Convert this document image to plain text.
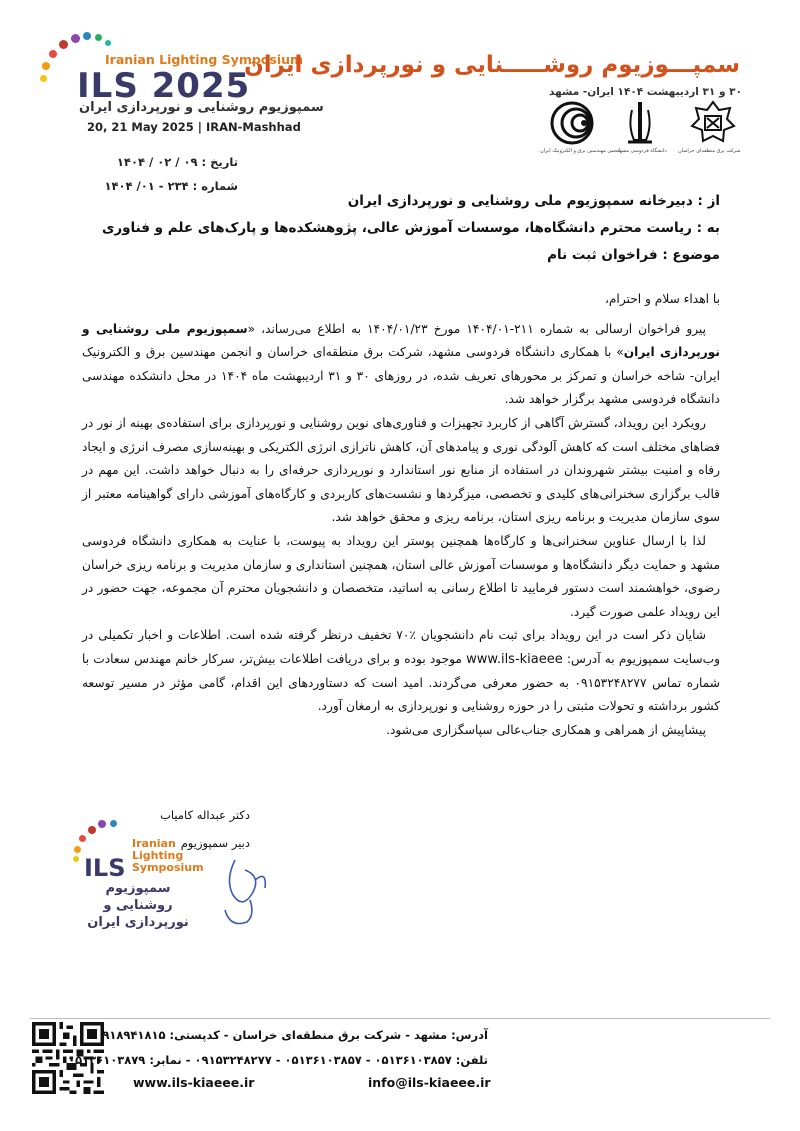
Iranian Lighting Symposium
ILS 2025
سمپوزیوم روشنایی و نورپردازی ایران
20, 21 May 2025 | IRAN-Mashhad
سمپـــوزیوم روشـــــنایی و نورپردازی ایران
۳۰ و ۳۱ اردیبهشت ۱۴۰۴ ایران- مشهد
انجمن مهندسین برق و الکترونیک ایران
دانشگاه فردوسی مشهد شرکت برق منطقه‌ای خراسان
تاریخ : ۰۹ / ۰۲ / ۱۴۰۴
شماره : ۲۳۴ - ۰۱/ ۱۴۰۴
از : دبیرخانه سمپوزیوم ملی روشنایی و نورپردازی ایران
به : ریاست محترم دانشگاه‌ها، موسسات آموزش عالی، پژوهشکده‌ها و پارک‌های علم و فناوری
موضوع : فراخوان ثبت نام

با اهداء سلام و احترام،

پیرو فراخوان ارسالی به شماره ۲۱۱-۱۴۰۴/۰۱ مورخ ۱۴۰۴/۰۱/۲۳ به اطلاع می‌رساند، «سمپوزیوم ملی روشنایی و نورپردازی ایران» با همکاری دانشگاه فردوسی مشهد، شرکت برق منطقه‌ای خراسان و انجمن مهندسین برق و الکترونیک ایران- شاخه خراسان و تمرکز بر محورهای تعریف شده، در روزهای ۳۰ و ۳۱ اردیبهشت ماه ۱۴۰۴ در محل دانشکده مهندسی دانشگاه فردوسی مشهد برگزار خواهد شد.

رویکرد این رویداد، گسترش آگاهی از کاربرد تجهیزات و فناوری‌های نوین روشنایی و نورپردازی برای استفاده‌ی بهینه از نور در فضاهای مختلف است که کاهش آلودگی نوری و پیامدهای آن، کاهش ناترازی انرژی الکتریکی و بهینه‌سازی مصرف انرژی و ایجاد رفاه و امنیت بیشتر شهروندان در استفاده از منابع نور استاندارد و نورپردازی حرفه‌ای را به دنبال خواهد داشت. این مهم در قالب برگزاری سخنرانی‌های کلیدی و تخصصی، میزگردها و نشست‌های کاربردی و کارگاه‌های آموزشی دارای گواهینامه معتبر از سوی سازمان مدیریت و برنامه ریزی استان، برنامه ریزی و محقق خواهد شد.

لذا با ارسال عناوین سخنرانی‌ها و کارگاه‌ها همچنین پوستر این رویداد به پیوست، با عنایت به همکاری دانشگاه فردوسی مشهد و حمایت دیگر دانشگاه‌ها و موسسات آموزش عالی استان، همچنین استانداری و سازمان مدیریت و برنامه ریزی خراسان رضوی، خواهشمند است دستور فرمایید تا اطلاع رسانی به اساتید، متخصصان و دانشجویان محترم آن مجموعه، جهت حضور در این رویداد علمی صورت گیرد.

شایان ذکر است در این رویداد برای ثبت نام دانشجویان ٪۷۰ تخفیف درنظر گرفته شده است. اطلاعات و اخبار تکمیلی در وب‌سایت سمپوزیوم به آدرس: www.ils-kiaeee موجود بوده و برای دریافت اطلاعات بیش‌تر، سرکار خانم مهندس سعادت با شماره تماس ۰۹۱۵۳۲۴۸۲۷۷ به حضور معرفی می‌گردند. امید است که دستاوردهای این اقدام، گامی مؤثر در مسیر توسعه کشور برداشته و تحولات مثبتی را در حوزه روشنایی و نورپردازی به ارمغان آورد.

پیشاپیش از همراهی و همکاری جناب‌عالی سپاسگزاری می‌شود.

دکتر عبداله کامیاب
ILS
Iranian Lighting Symposium
سمپوزیوم روشنایی و نورپردازی ایران
دبیر سمپوزیوم
آدرس: مشهد - شرکت برق منطقه‌ای خراسان - کدپستی: ۹۱۸۹۴۱۸۱۵
تلفن: ۰۵۱۳۶۱۰۳۸۵۷ - ۰۵۱۳۶۱۰۳۸۵۷ - ۰۹۱۵۳۲۴۸۲۷۷ - نمابر: ۰۵۱۳۶۱۰۳۸۷۹
www.ils-kiaeee.ir	info@ils-kiaeee.ir
